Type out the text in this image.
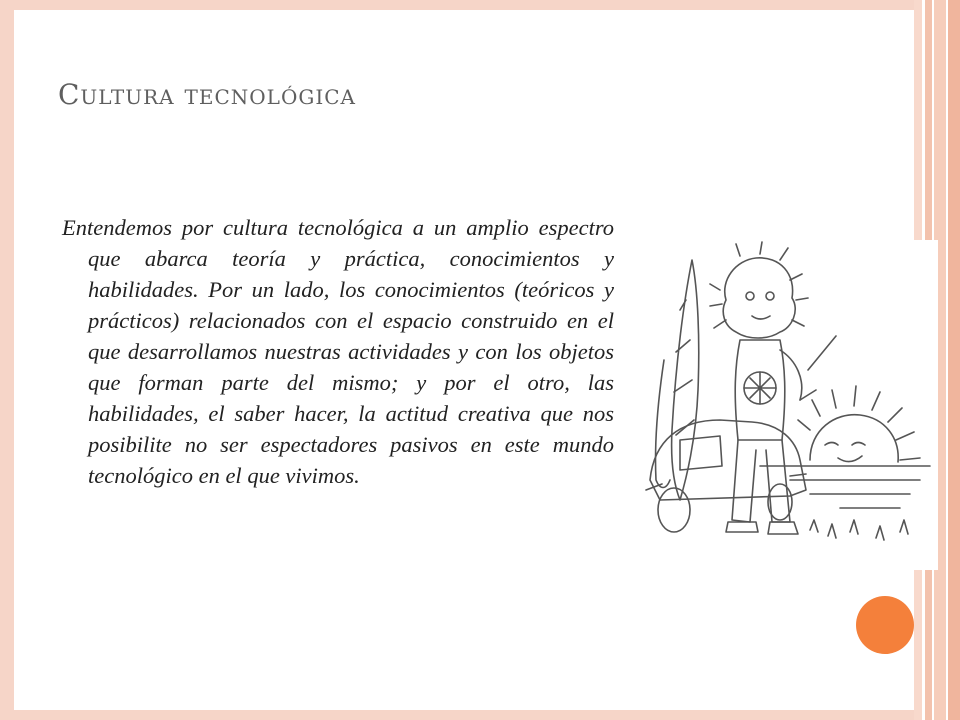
Cultura tecnológica

Entendemos por cultura tecnológica a un amplio espectro que abarca teoría y práctica, conocimientos y habilidades. Por un lado, los conocimientos (teóricos y prácticos) relacionados con el espacio construido en el que desarrollamos nuestras actividades y con los objetos que forman parte del mismo; y por el otro, las habilidades, el saber hacer, la actitud creativa que nos posibilite no ser espectadores pasivos en este mundo tecnológico en el que vivimos.
